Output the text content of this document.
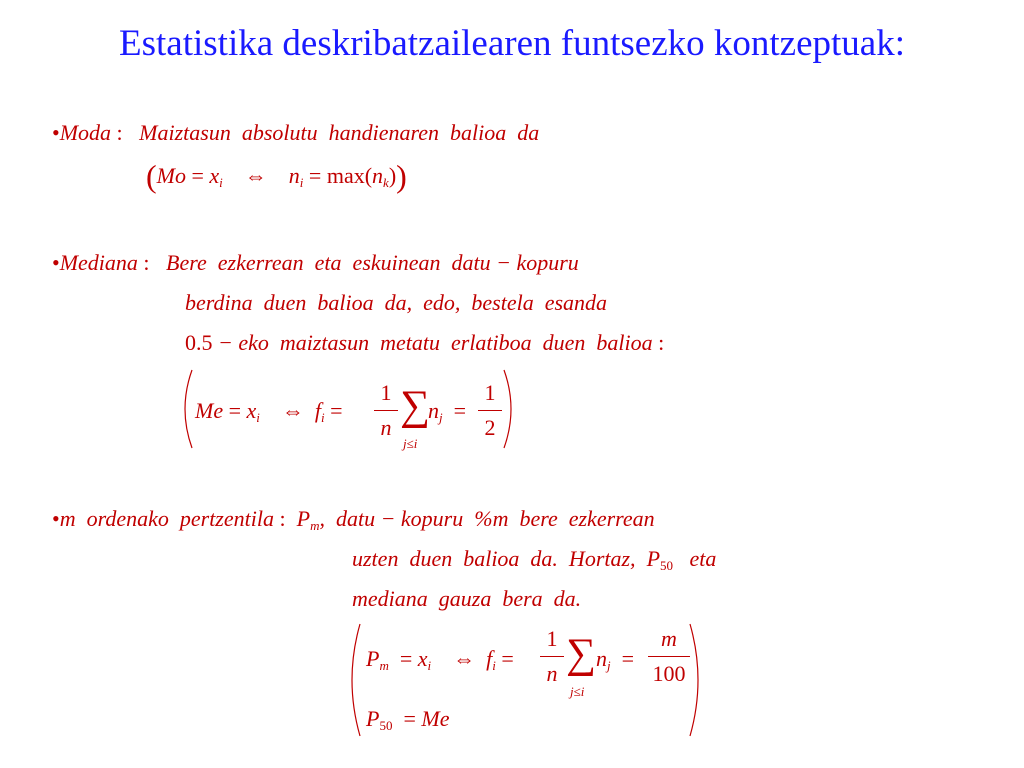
Estatistika deskribatzailearen funtsezko kontzeptuak:
•Moda :   Maiztasun  absolutu  handienaren  balioa  da
($Mo = x_i$ ⇔ $n_i = \max(n_k)$)
•Mediana :   Bere  ezkerrean  eta  eskuinean  datu − kopuru
berdina  duen  balioa  da,  edo,  bestela  esanda
0.5 − eko  maiztasun  metatu  erlatiboa  duen  balioa :
$Me = x_i$ ⇔ $f_i$ =
1
n ∑
j≤i
$n_j$  =
1
2
•m ordenako  pertzentila :  $P_m$,  datu − kopuru  %m  bere  ezkerrean
uzten  duen  balioa  da.  Hortaz, $P_{50}$ eta
mediana  gauza  bera  da.
$P_m = x_i$ ⇔ $f_i$ =
1
n ∑
j≤i
$n_j$  =
m
100
$P_{50} = Me$
